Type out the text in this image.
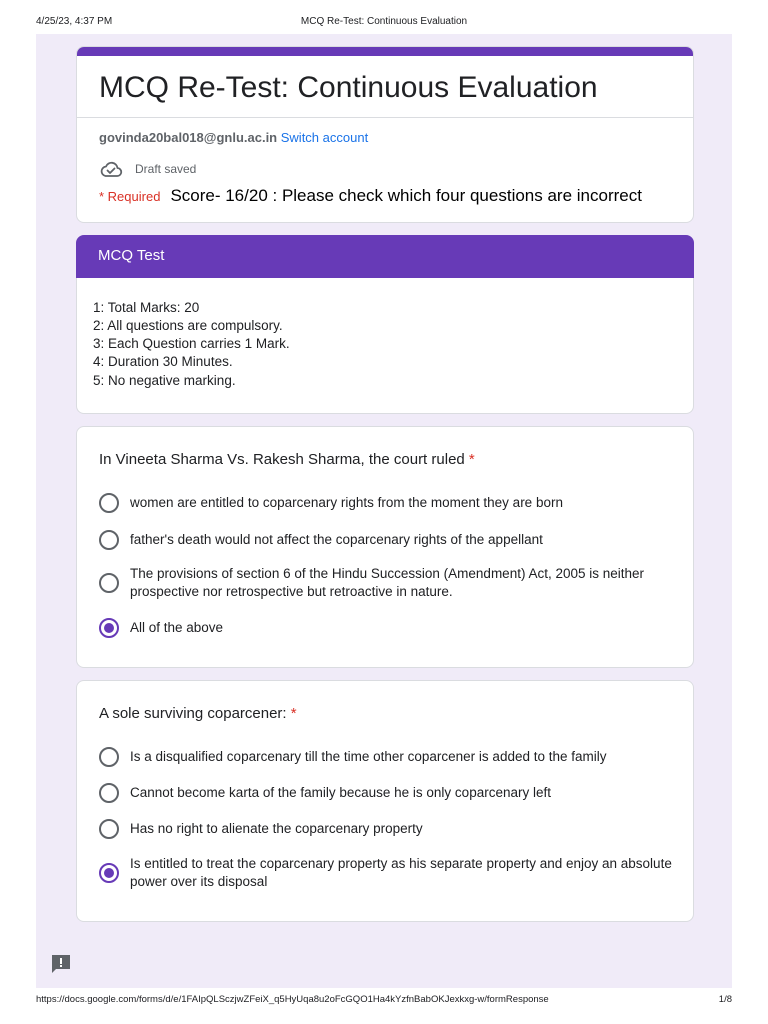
4/25/23, 4:37 PM	MCQ Re-Test: Continuous Evaluation
MCQ Re-Test: Continuous Evaluation
govinda20bal018@gnlu.ac.in Switch account
Draft saved
* Required Score- 16/20 : Please check which four questions are incorrect
MCQ Test
1: Total Marks: 20
2: All questions are compulsory.
3: Each Question carries 1 Mark.
4: Duration 30 Minutes.
5: No negative marking.
In Vineeta Sharma Vs. Rakesh Sharma, the court ruled *
women are entitled to coparcenary rights from the moment they are born
father's death would not affect the coparcenary rights of the appellant
The provisions of section 6 of the Hindu Succession (Amendment) Act, 2005 is neither prospective nor retrospective but retroactive in nature.
All of the above
A sole surviving coparcener: *
Is a disqualified coparcenary till the time other coparcener is added to the family
Cannot become karta of the family because he is only coparcenary left
Has no right to alienate the coparcenary property
Is entitled to treat the coparcenary property as his separate property and enjoy an absolute power over its disposal
https://docs.google.com/forms/d/e/1FAIpQLSczjwZFeiX_q5HyUqa8u2oFcGQO1Ha4kYzfnBabOKJexkxg-w/formResponse	1/8
